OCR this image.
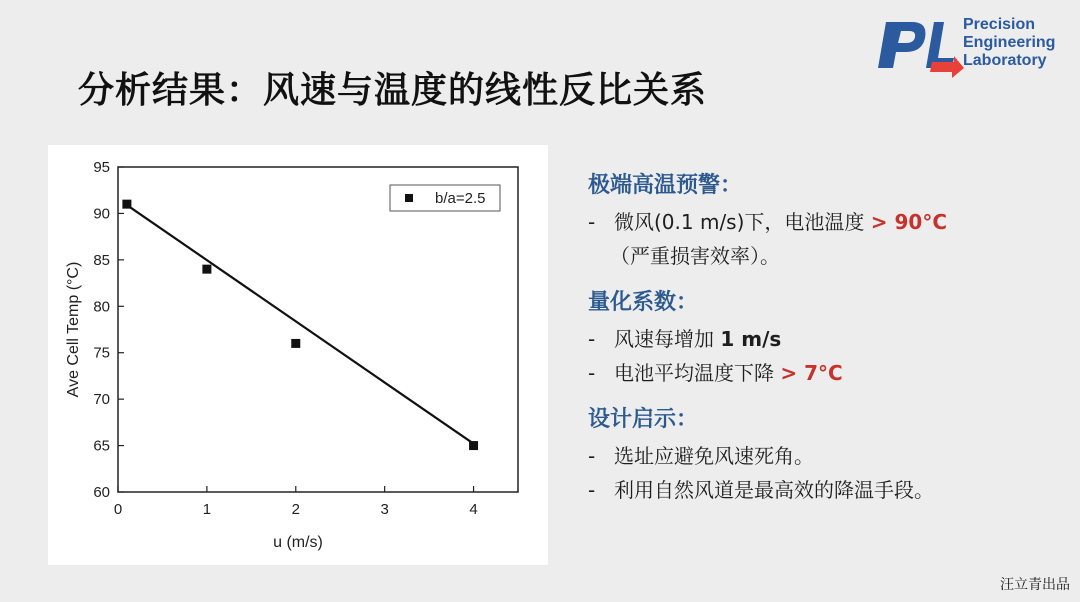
分析结果：风速与温度的线性反比关系
Precision
Engineering
Laboratory
60
65
70
75
80
85
90
95
0	1	2	3	4
u (m/s)
Ave Cell Temp (°C)
b/a=2.5
极端高温预警：
- 微风(0.1 m/s)下，电池温度 > 90°C
（严重损害效率）。
量化系数：
- 风速每增加 1 m/s
- 电池平均温度下降 > 7°C
设计启示：
- 选址应避免风速死角。
- 利用自然风道是最高效的降温手段。
汪立青出品
